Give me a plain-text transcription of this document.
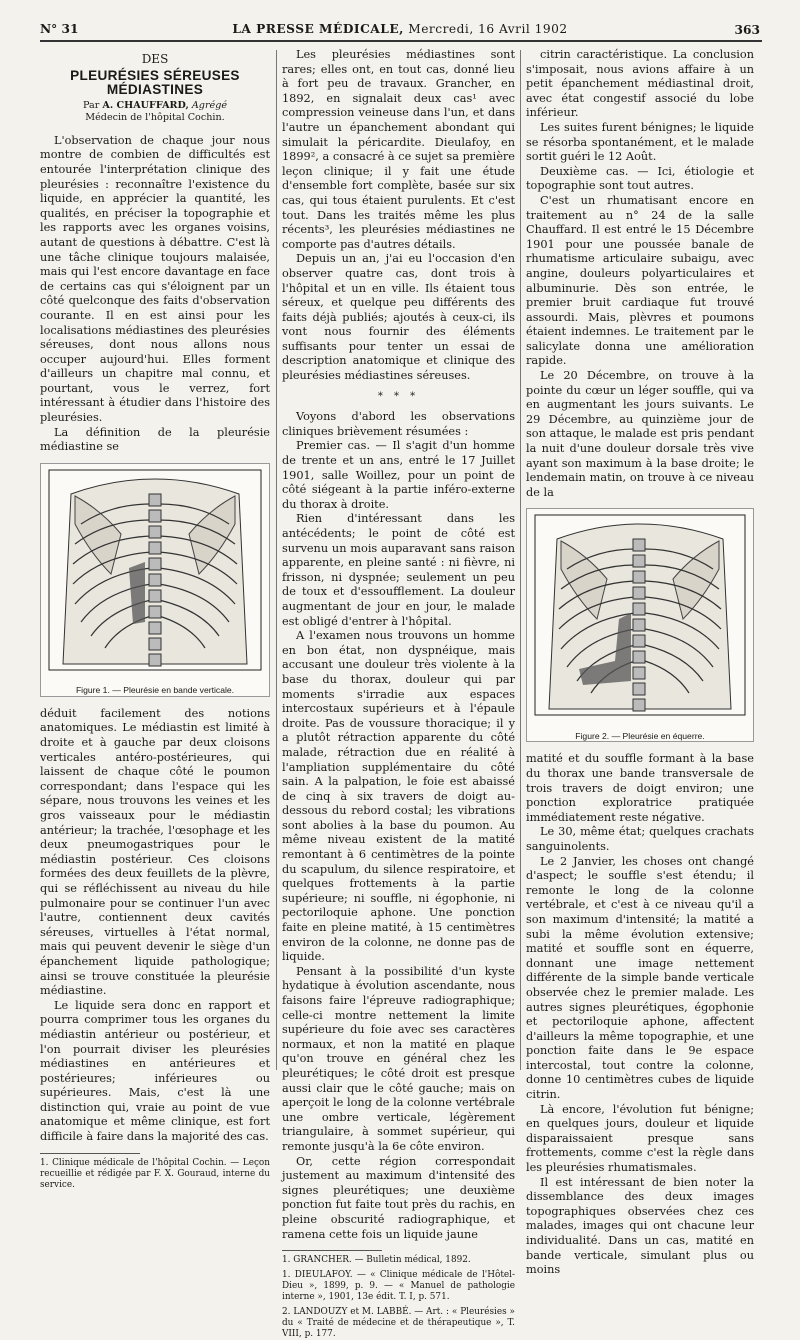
N° 31	LA PRESSE MÉDICALE, Mercredi, 16 Avril 1902	363

DES

PLEURÉSIES SÉREUSES MÉDIASTINES

Par A. CHAUFFARD, Agrégé

Médecin de l'hôpital Cochin.

L'observation de chaque jour nous montre de combien de difficultés est entourée l'interprétation clinique des pleurésies : reconnaître l'existence du liquide, en apprécier la quantité, les qualités, en préciser la topographie et les rapports avec les organes voisins, autant de questions à débattre. C'est là une tâche clinique toujours malaisée, mais qui l'est encore davantage en face de certains cas qui s'éloignent par un côté quelconque des faits d'observation courante. Il en est ainsi pour les localisations médiastines des pleurésies séreuses, dont nous allons nous occuper aujourd'hui. Elles forment d'ailleurs un chapitre mal connu, et pourtant, vous le verrez, fort intéressant à étudier dans l'histoire des pleurésies.

La définition de la pleurésie médiastine se

Figure 1. — Pleurésie en bande verticale.

déduit facilement des notions anatomiques. Le médiastin est limité à droite et à gauche par deux cloisons verticales antéro-postérieures, qui laissent de chaque côté le poumon correspondant; dans l'espace qui les sépare, nous trouvons les veines et les gros vaisseaux pour le médiastin antérieur; la trachée, l'œsophage et les deux pneumogastriques pour le médiastin postérieur. Ces cloisons formées des deux feuillets de la plèvre, qui se réfléchissent au niveau du hile pulmonaire pour se continuer l'un avec l'autre, contiennent deux cavités séreuses, virtuelles à l'état normal, mais qui peuvent devenir le siège d'un épanchement liquide pathologique; ainsi se trouve constituée la pleurésie médiastine.

Le liquide sera donc en rapport et pourra comprimer tous les organes du médiastin antérieur ou postérieur, et l'on pourrait diviser les pleurésies médiastines en antérieures et postérieures; inférieures ou supérieures. Mais, c'est là une distinction qui, vraie au point de vue anatomique et même clinique, est fort difficile à faire dans la majorité des cas.

1. Clinique médicale de l'hôpital Cochin. — Leçon recueillie et rédigée par F. X. Gouraud, interne du service.

Les pleurésies médiastines sont rares; elles ont, en tout cas, donné lieu à fort peu de travaux. Grancher, en 1892, en signalait deux cas¹ avec compression veineuse dans l'un, et dans l'autre un épanchement abondant qui simulait la péricardite. Dieulafoy, en 1899², a consacré à ce sujet sa première leçon clinique; il y fait une étude d'ensemble fort complète, basée sur six cas, qui tous étaient purulents. Et c'est tout. Dans les traités même les plus récents³, les pleurésies médiastines ne comporte pas d'autres détails.

Depuis un an, j'ai eu l'occasion d'en observer quatre cas, dont trois à l'hôpital et un en ville. Ils étaient tous séreux, et quelque peu différents des faits déjà publiés; ajoutés à ceux-ci, ils vont nous fournir des éléments suffisants pour tenter un essai de description anatomique et clinique des pleurésies médiastines séreuses.

* * *

Voyons d'abord les observations cliniques brièvement résumées :

Premier cas. — Il s'agit d'un homme de trente et un ans, entré le 17 Juillet 1901, salle Woillez, pour un point de côté siégeant à la partie inféro-externe du thorax à droite.

Rien d'intéressant dans les antécédents; le point de côté est survenu un mois auparavant sans raison apparente, en pleine santé : ni fièvre, ni frisson, ni dyspnée; seulement un peu de toux et d'essoufflement. La douleur augmentant de jour en jour, le malade est obligé d'entrer à l'hôpital.

A l'examen nous trouvons un homme en bon état, non dyspnéique, mais accusant une douleur très violente à la base du thorax, douleur qui par moments s'irradie aux espaces intercostaux supérieurs et à l'épaule droite. Pas de voussure thoracique; il y a plutôt rétraction apparente du côté malade, rétraction due en réalité à l'ampliation supplémentaire du côté sain. A la palpation, le foie est abaissé de cinq à six travers de doigt au-dessous du rebord costal; les vibrations sont abolies à la base du poumon. Au même niveau existent de la matité remontant à 6 centimètres de la pointe du scapulum, du silence respiratoire, et quelques frottements à la partie supérieure; ni souffle, ni égophonie, ni pectoriloquie aphone. Une ponction faite en pleine matité, à 15 centimètres environ de la colonne, ne donne pas de liquide.

Pensant à la possibilité d'un kyste hydatique à évolution ascendante, nous faisons faire l'épreuve radiographique; celle-ci montre nettement la limite supérieure du foie avec ses caractères normaux, et non la matité en plaque qu'on trouve en général chez les pleurétiques; le côté droit est presque aussi clair que le côté gauche; mais on aperçoit le long de la colonne vertébrale une ombre verticale, légèrement triangulaire, à sommet supérieur, qui remonte jusqu'à la 6e côte environ.

Or, cette région correspondait justement au maximum d'intensité des signes pleurétiques; une deuxième ponction fut faite tout près du rachis, en pleine obscurité radiographique, et ramena cette fois un liquide jaune

1. GRANCHER. — Bulletin médical, 1892.

1. DIEULAFOY. — « Clinique médicale de l'Hôtel-Dieu », 1899, p. 9. — « Manuel de pathologie interne », 1901, 13e édit. T. I, p. 571.

2. LANDOUZY et M. LABBÉ. — Art. : « Pleurésies » du « Traité de médecine et de thérapeutique », T. VIII, p. 177.

citrin caractéristique. La conclusion s'imposait, nous avions affaire à un petit épanchement médiastinal droit, avec état congestif associé du lobe inférieur.

Les suites furent bénignes; le liquide se résorba spontanément, et le malade sortit guéri le 12 Août.

Deuxième cas. — Ici, étiologie et topographie sont tout autres.

C'est un rhumatisant encore en traitement au n° 24 de la salle Chauffard. Il est entré le 15 Décembre 1901 pour une poussée banale de rhumatisme articulaire subaigu, avec angine, douleurs polyarticulaires et albuminurie. Dès son entrée, le premier bruit cardiaque fut trouvé assourdi. Mais, plèvres et poumons étaient indemnes. Le traitement par le salicylate donna une amélioration rapide.

Le 20 Décembre, on trouve à la pointe du cœur un léger souffle, qui va en augmentant les jours suivants. Le 29 Décembre, au quinzième jour de son attaque, le malade est pris pendant la nuit d'une douleur dorsale très vive ayant son maximum à la base droite; le lendemain matin, on trouve à ce niveau de la

Figure 2. — Pleurésie en équerre.

matité et du souffle formant à la base du thorax une bande transversale de trois travers de doigt environ; une ponction exploratrice pratiquée immédiatement reste négative.

Le 30, même état; quelques crachats sanguinolents.

Le 2 Janvier, les choses ont changé d'aspect; le souffle s'est étendu; il remonte le long de la colonne vertébrale, et c'est à ce niveau qu'il a son maximum d'intensité; la matité a subi la même évolution extensive; matité et souffle sont en équerre, donnant une image nettement différente de la simple bande verticale observée chez le premier malade. Les autres signes pleurétiques, égophonie et pectoriloquie aphone, affectent d'ailleurs la même topographie, et une ponction faite dans le 9e espace intercostal, tout contre la colonne, donne 10 centimètres cubes de liquide citrin.

Là encore, l'évolution fut bénigne; en quelques jours, douleur et liquide disparaissaient presque sans frottements, comme c'est la règle dans les pleurésies rhumatismales.

Il est intéressant de bien noter la dissemblance des deux images topographiques observées chez ces malades, images qui ont chacune leur individualité. Dans un cas, matité en bande verticale, simulant plus ou moins
